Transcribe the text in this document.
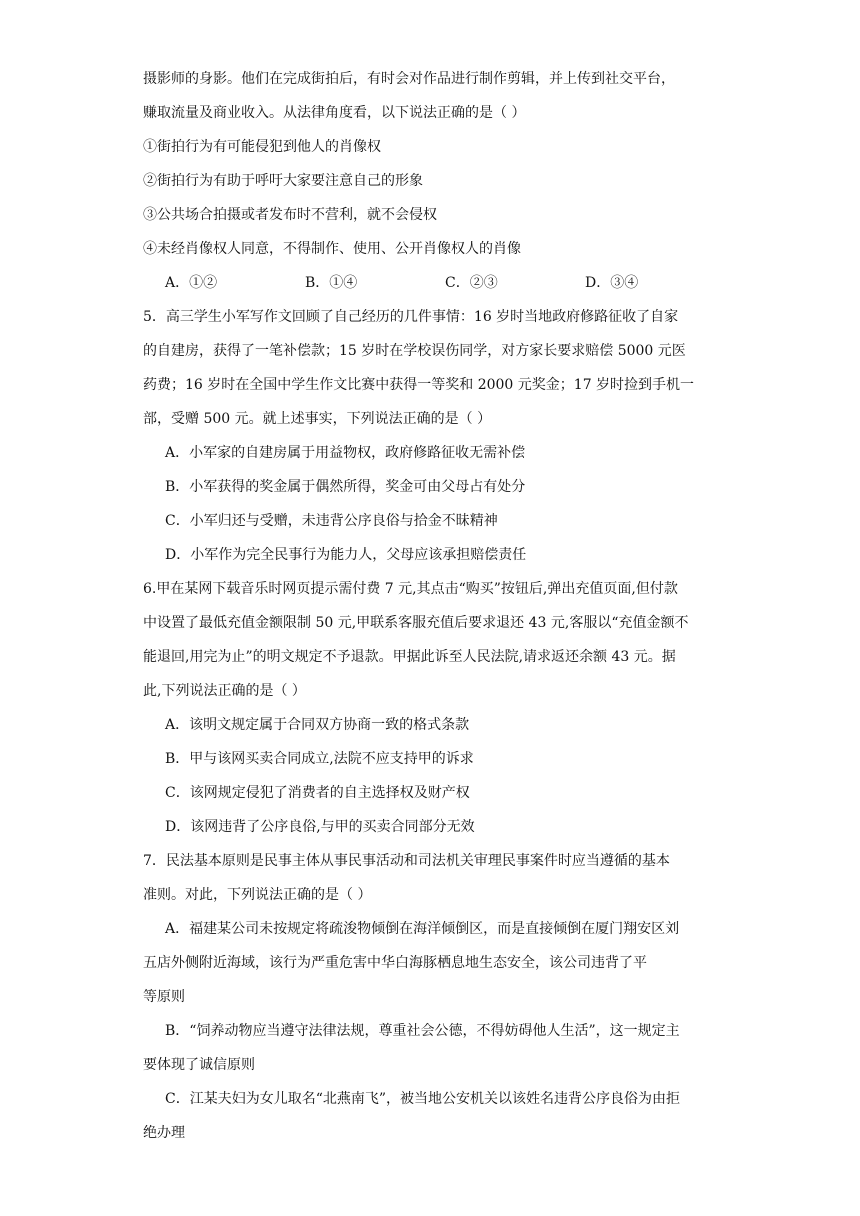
摄影师的身影。他们在完成街拍后，有时会对作品进行制作剪辑，并上传到社交平台，
赚取流量及商业收入。从法律角度看，以下说法正确的是（ ）
①街拍行为有可能侵犯到他人的肖像权
②街拍行为有助于呼吁大家要注意自己的形象
③公共场合拍摄或者发布时不营利，就不会侵权
④未经肖像权人同意，不得制作、使用、公开肖像权人的肖像
A．①②	B．①④	C．②③	D．③④
5．高三学生小军写作文回顾了自己经历的几件事情：16 岁时当地政府修路征收了自家
的自建房，获得了一笔补偿款；15 岁时在学校误伤同学，对方家长要求赔偿 5000 元医
药费；16 岁时在全国中学生作文比赛中获得一等奖和 2000 元奖金；17 岁时捡到手机一
部，受赠 500 元。就上述事实，下列说法正确的是（ ）
A．小军家的自建房属于用益物权，政府修路征收无需补偿
B．小军获得的奖金属于偶然所得，奖金可由父母占有处分
C．小军归还与受赠，未违背公序良俗与拾金不昧精神
D．小军作为完全民事行为能力人，父母应该承担赔偿责任
6.甲在某网下载音乐时网页提示需付费 7 元,其点击“购买”按钮后,弹出充值页面,但付款
中设置了最低充值金额限制 50 元,甲联系客服充值后要求退还 43 元,客服以“充值金额不
能退回,用完为止”的明文规定不予退款。甲据此诉至人民法院,请求返还余额 43 元。据
此,下列说法正确的是（ ）
A．该明文规定属于合同双方协商一致的格式条款
B．甲与该网买卖合同成立,法院不应支持甲的诉求
C．该网规定侵犯了消费者的自主选择权及财产权
D．该网违背了公序良俗,与甲的买卖合同部分无效
7．民法基本原则是民事主体从事民事活动和司法机关审理民事案件时应当遵循的基本
准则。对此，下列说法正确的是（ ）
A．福建某公司未按规定将疏浚物倾倒在海洋倾倒区，而是直接倾倒在厦门翔安区刘
五店外侧附近海域，该行为严重危害中华白海豚栖息地生态安全，该公司违背了平
等原则
B．“饲养动物应当遵守法律法规，尊重社会公德，不得妨碍他人生活”，这一规定主
要体现了诚信原则
C．江某夫妇为女儿取名“北燕南飞”，被当地公安机关以该姓名违背公序良俗为由拒
绝办理
